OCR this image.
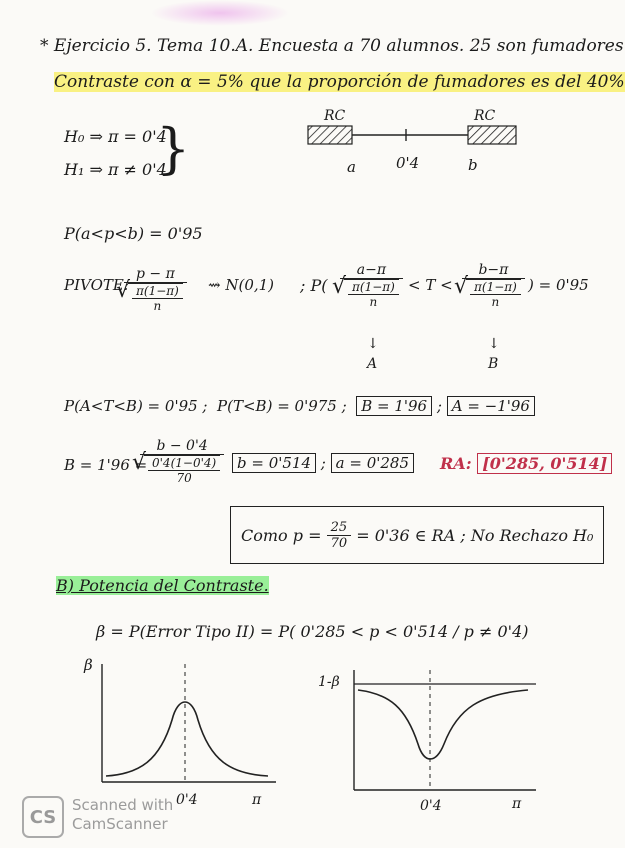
* Ejercicio 5. Tema 10.A. Encuesta a 70 alumnos. 25 son fumadores
Contraste con α = 5% que la proporción de fumadores es del 40%
H₀ ⇒ π = 0'4
H₁ ⇒ π ≠ 0'4
}
RC	RC
a	0'4	b
P(a<p<b) = 0'95
PIVOTE:
p − π
√ $\frac{\pi(1-\pi)}{n}$ ⇝ N(0,1) ; P( a−π
√ $\frac{\pi(1-\pi)}{n} < T < b-\pi$
√ $\frac{\pi(1-\pi)}{n}$ ) = 0'95
↓
A
↓
B
P(A<T<B) = 0'95 ; P(T<B) = 0'975 ; B = 1'96 ; A = −1'96
B = 1'96 =
b − 0'4
√ $\frac{0'4(1-0'4)}{70}$ b = 0'514 ; a = 0'285	RA: [0'285, 0'514]
Como p =
$\frac{25}{70}$
= 0'36 ∈ RA ; No Rechazo H₀
B) Potencia del Contraste.
β = P(Error Tipo II) = P( 0'285 < p < 0'514 / p ≠ 0'4)
β
0'4	π
1-β
0'4	π
CS
Scanned with
CamScanner
